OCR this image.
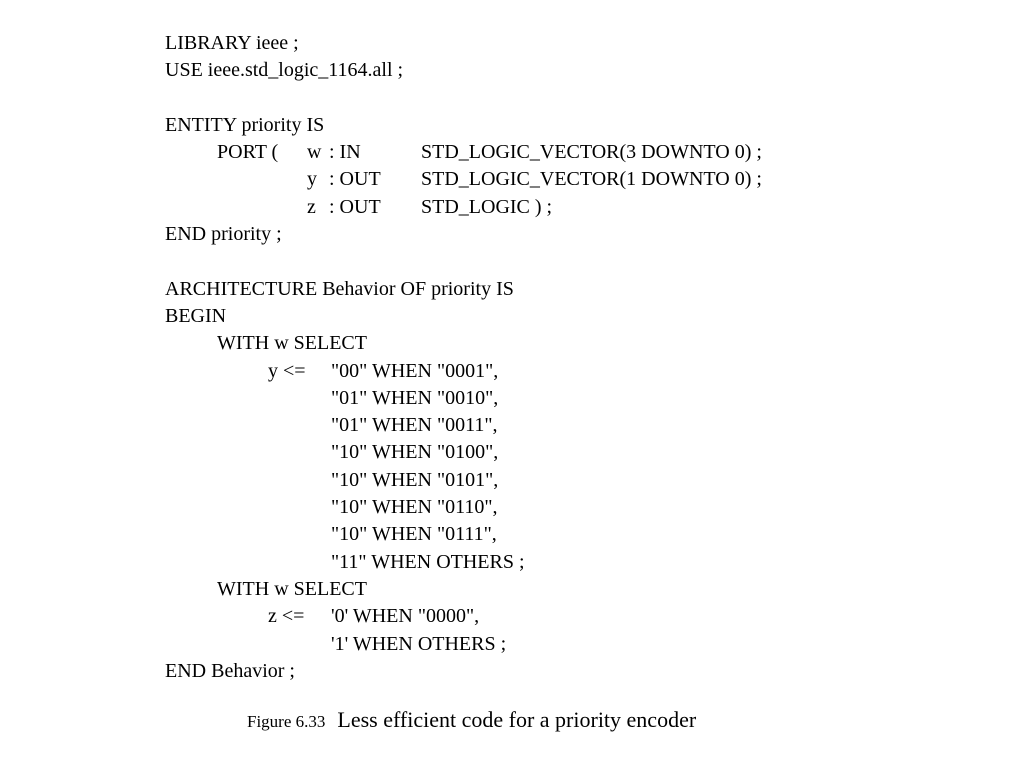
LIBRARY ieee ;
USE ieee.std_logic_1164.all ;
ENTITY priority IS

PORT (

w

: IN

	STD_LOGIC_VECTOR(3 DOWNTO 0) ;

y

: OUT

STD_LOGIC_VECTOR(1 DOWNTO 0) ;

z

: OUT

STD_LOGIC ) ;

END priority ;
ARCHITECTURE Behavior OF priority IS
BEGIN
WITH w SELECT

y <=

"00" WHEN "0001",

"01" WHEN "0010",
"01" WHEN "0011",
"10" WHEN "0100",
"10" WHEN "0101",
"10" WHEN "0110",
"10" WHEN "0111",
"11" WHEN OTHERS ;
WITH w SELECT

z <=

'0' WHEN "0000",

'1' WHEN OTHERS ;
END Behavior ;
Figure 6.33 Less efficient code for a priority encoder
